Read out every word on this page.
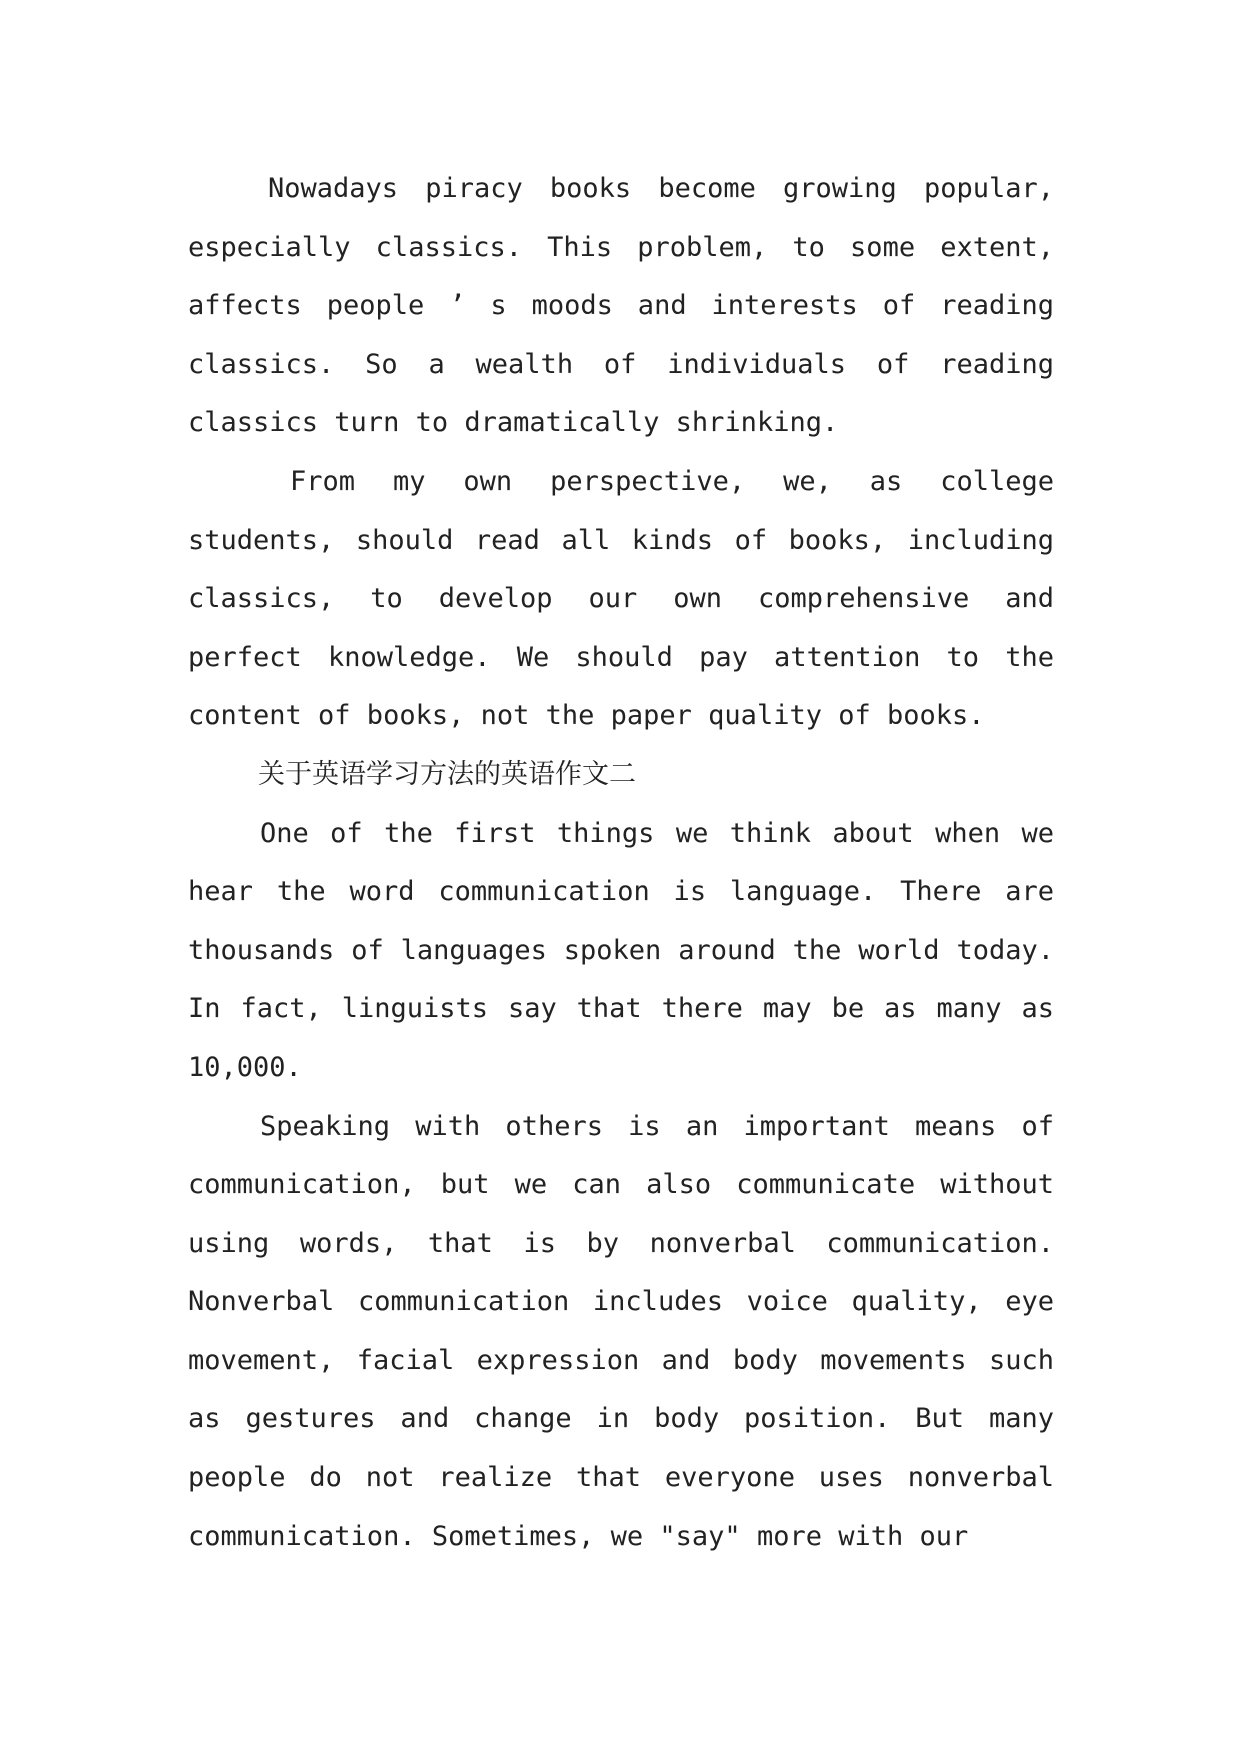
Nowadays piracy books become growing popular, especially classics. This problem, to some extent, affects people ’ s moods and interests of reading classics. So a wealth of individuals of reading classics turn to dramatically shrinking.

From my own perspective, we, as college students, should read all kinds of books, including classics, to develop our own comprehensive and perfect knowledge. We should pay attention to the content of books, not the paper quality of books.

关于英语学习方法的英语作文二

One of the first things we think about when we hear the word communication is language. There are thousands of languages spoken around the world today. In fact, linguists say that there may be as many as 10,000.

Speaking with others is an important means of communication, but we can also communicate without using words, that is by nonverbal communication. Nonverbal communication includes voice quality, eye movement, facial expression and body movements such as gestures and change in body position. But many people do not realize that everyone uses nonverbal communication. Sometimes, we "say" more with our
